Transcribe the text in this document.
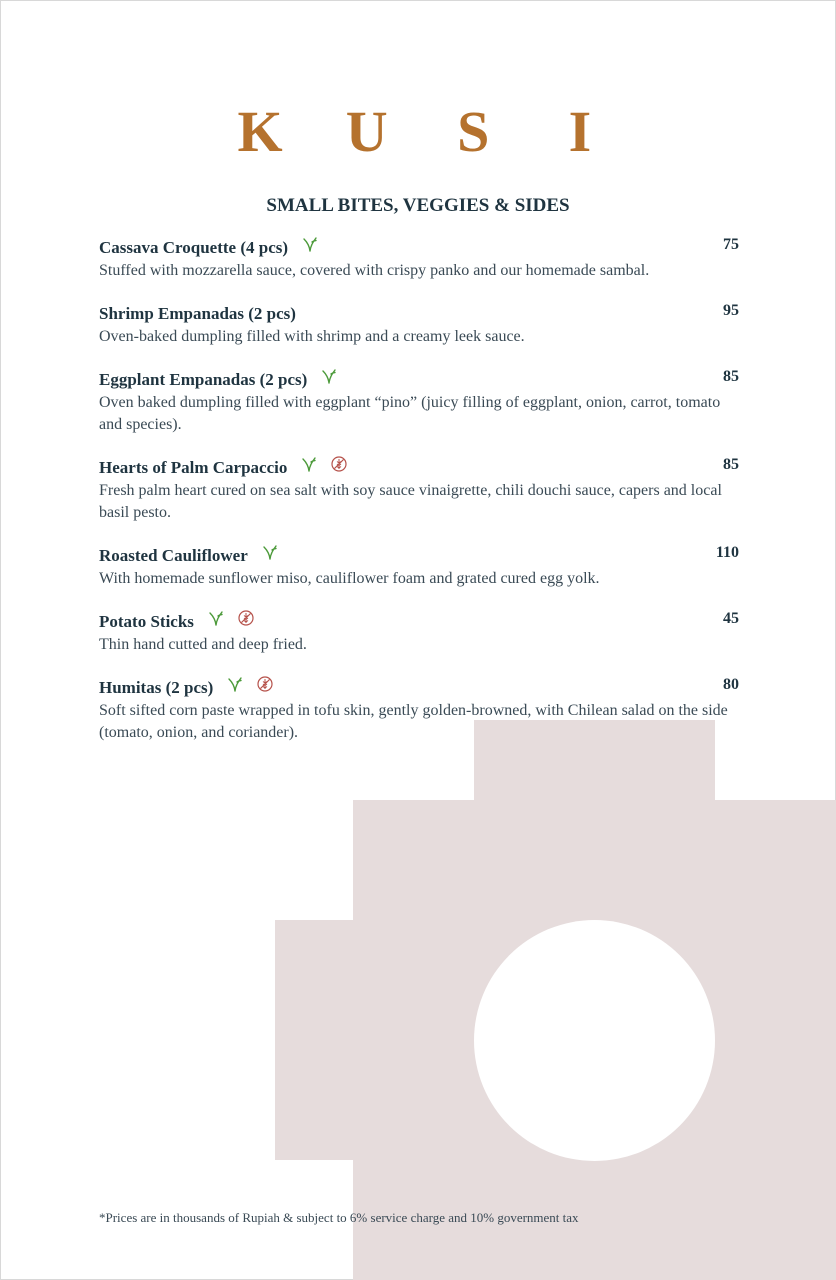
K U S	I
SMALL BITES, VEGGIES & SIDES
Cassava Croquette (4 pcs)	75
Stuffed with mozzarella sauce, covered with crispy panko and our homemade sambal.
Shrimp Empanadas (2 pcs)	95
Oven-baked dumpling filled with shrimp and a creamy leek sauce.
Eggplant Empanadas (2 pcs)	85
Oven baked dumpling filled with eggplant “pino” (juicy filling of eggplant, onion, carrot, tomato and species).
Hearts of Palm Carpaccio	85
Fresh palm heart cured on sea salt with soy sauce vinaigrette, chili douchi sauce, capers and local basil pesto.
Roasted Cauliflower	110
With homemade sunflower miso, cauliflower foam and grated cured egg yolk.
Potato Sticks	45
Thin hand cutted and deep fried.
Humitas (2 pcs)	80
Soft sifted corn paste wrapped in tofu skin, gently golden-browned, with Chilean salad on the side (tomato, onion, and coriander).
*Prices are in thousands of Rupiah & subject to 6% service charge and 10% government tax
